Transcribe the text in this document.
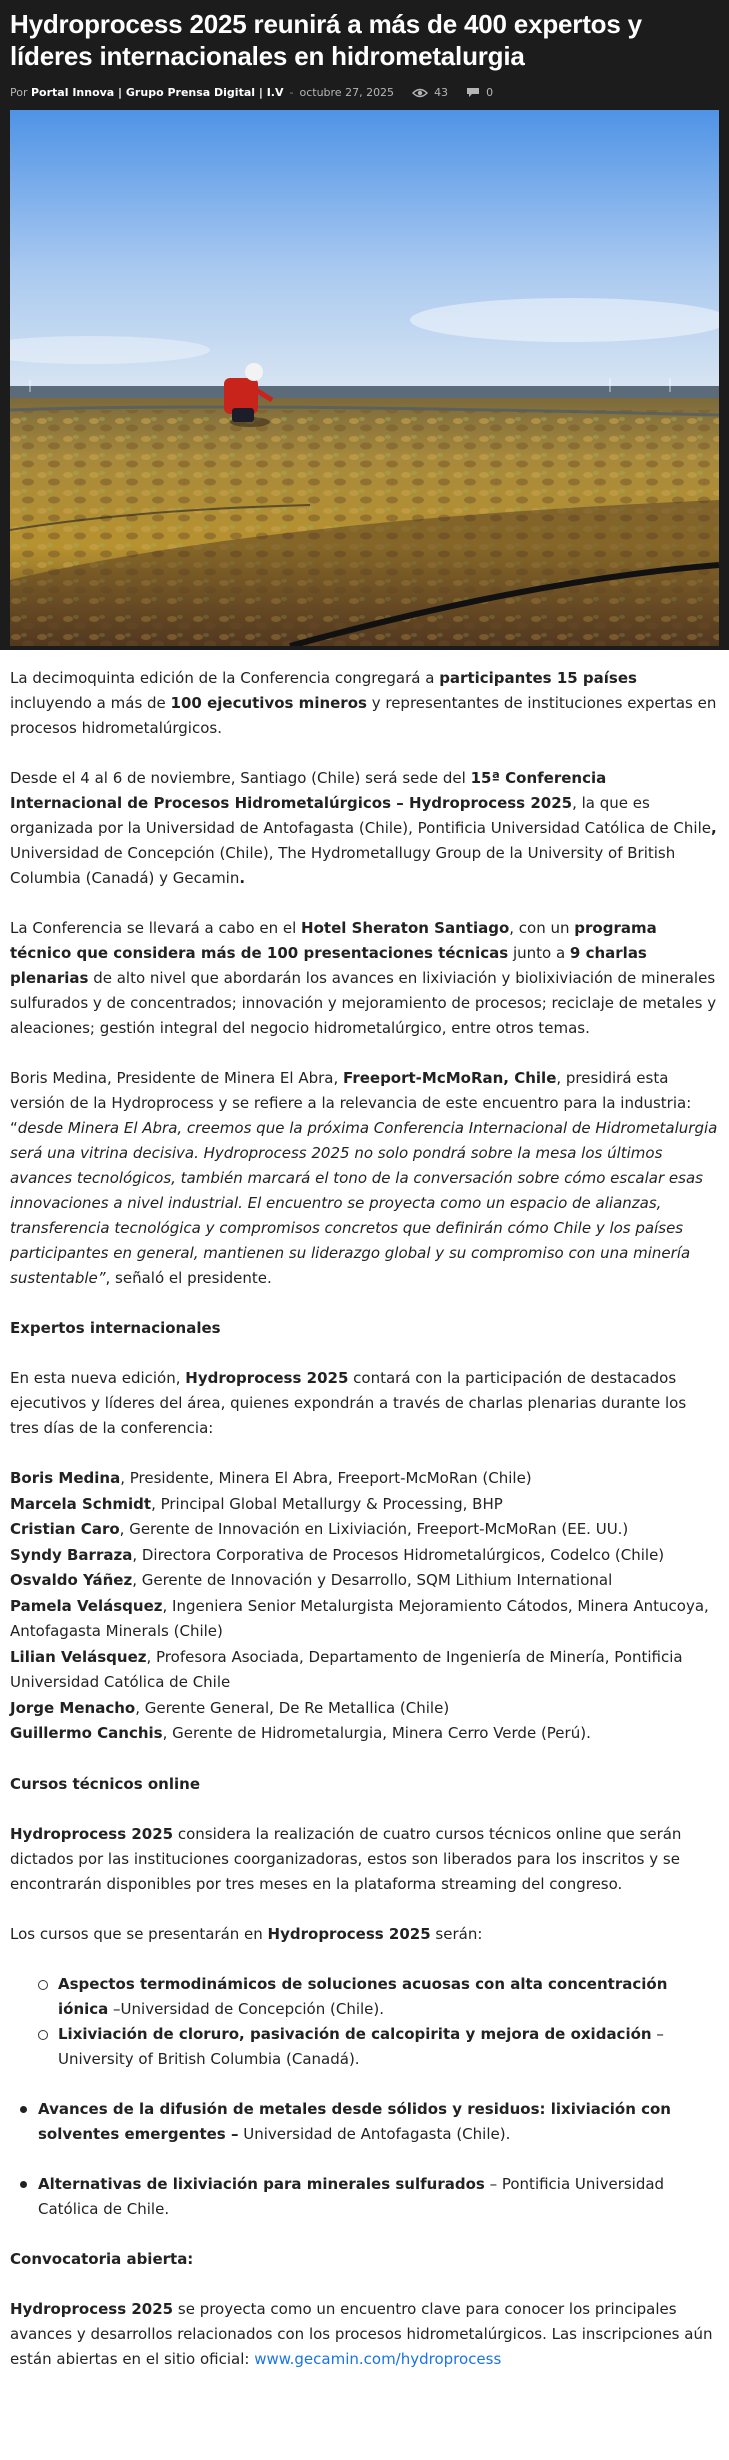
Hydroprocess 2025 reunirá a más de 400 expertos y líderes internacionales en hidrometalurgia
Por
Portal Innova | Grupo Prensa Digital | I.V - octubre 27, 2025	43	0

La decimoquinta edición de la Conferencia congregará a participantes 15 países incluyendo a más de 100 ejecutivos mineros y representantes de instituciones expertas en procesos hidrometalúrgicos.

Desde el 4 al 6 de noviembre, Santiago (Chile) será sede del 15ª Conferencia Internacional de Procesos Hidrometalúrgicos – Hydroprocess 2025, la que es organizada por la Universidad de Antofagasta (Chile), Pontificia Universidad Católica de Chile, Universidad de Concepción (Chile), The Hydrometallugy Group de la University of British Columbia (Canadá) y Gecamin.

La Conferencia se llevará a cabo en el Hotel Sheraton Santiago, con un programa técnico que considera más de 100 presentaciones técnicas junto a 9 charlas plenarias de alto nivel que abordarán los avances en lixiviación y biolixiviación de minerales sulfurados y de concentrados; innovación y mejoramiento de procesos; reciclaje de metales y aleaciones; gestión integral del negocio hidrometalúrgico, entre otros temas.

Boris Medina, Presidente de Minera El Abra, Freeport-McMoRan, Chile, presidirá esta versión de la Hydroprocess y se refiere a la relevancia de este encuentro para la industria: “desde Minera El Abra, creemos que la próxima Conferencia Internacional de Hidrometalurgia será una vitrina decisiva. Hydroprocess 2025 no solo pondrá sobre la mesa los últimos avances tecnológicos, también marcará el tono de la conversación sobre cómo escalar esas innovaciones a nivel industrial. El encuentro se proyecta como un espacio de alianzas, transferencia tecnológica y compromisos concretos que definirán cómo Chile y los países participantes en general, mantienen su liderazgo global y su compromiso con una minería sustentable”, señaló el presidente.

Expertos internacionales

En esta nueva edición, Hydroprocess 2025 contará con la participación de destacados ejecutivos y líderes del área, quienes expondrán a través de charlas plenarias durante los tres días de la conferencia:

Boris Medina, Presidente, Minera El Abra, Freeport-McMoRan (Chile)
Marcela Schmidt, Principal Global Metallurgy & Processing, BHP
Cristian Caro, Gerente de Innovación en Lixiviación, Freeport-McMoRan (EE. UU.)
Syndy Barraza, Directora Corporativa de Procesos Hidrometalúrgicos, Codelco (Chile)
Osvaldo Yáñez, Gerente de Innovación y Desarrollo, SQM Lithium International
Pamela Velásquez, Ingeniera Senior Metalurgista Mejoramiento Cátodos, Minera Antucoya, Antofagasta Minerals (Chile)
Lilian Velásquez, Profesora Asociada, Departamento de Ingeniería de Minería, Pontificia Universidad Católica de Chile
Jorge Menacho, Gerente General, De Re Metallica (Chile)
Guillermo Canchis, Gerente de Hidrometalurgia, Minera Cerro Verde (Perú).
Cursos técnicos online

Hydroprocess 2025 considera la realización de cuatro cursos técnicos online que serán dictados por las instituciones coorganizadoras, estos son liberados para los inscritos y se encontrarán disponibles por tres meses en la plataforma streaming del congreso.

Los cursos que se presentarán en Hydroprocess 2025 serán:

Aspectos termodinámicos de soluciones acuosas con alta concentración iónica –Universidad de Concepción (Chile).
Lixiviación de cloruro, pasivación de calcopirita y mejora de oxidación – University of British Columbia (Canadá).
Avances de la difusión de metales desde sólidos y residuos: lixiviación con solventes emergentes – Universidad de Antofagasta (Chile).
Alternativas de lixiviación para minerales sulfurados – Pontificia Universidad Católica de Chile.
Convocatoria abierta:

Hydroprocess 2025 se proyecta como un encuentro clave para conocer los principales avances y desarrollos relacionados con los procesos hidrometalúrgicos. Las inscripciones aún están abiertas en el sitio oficial: www.gecamin.com/hydroprocess
